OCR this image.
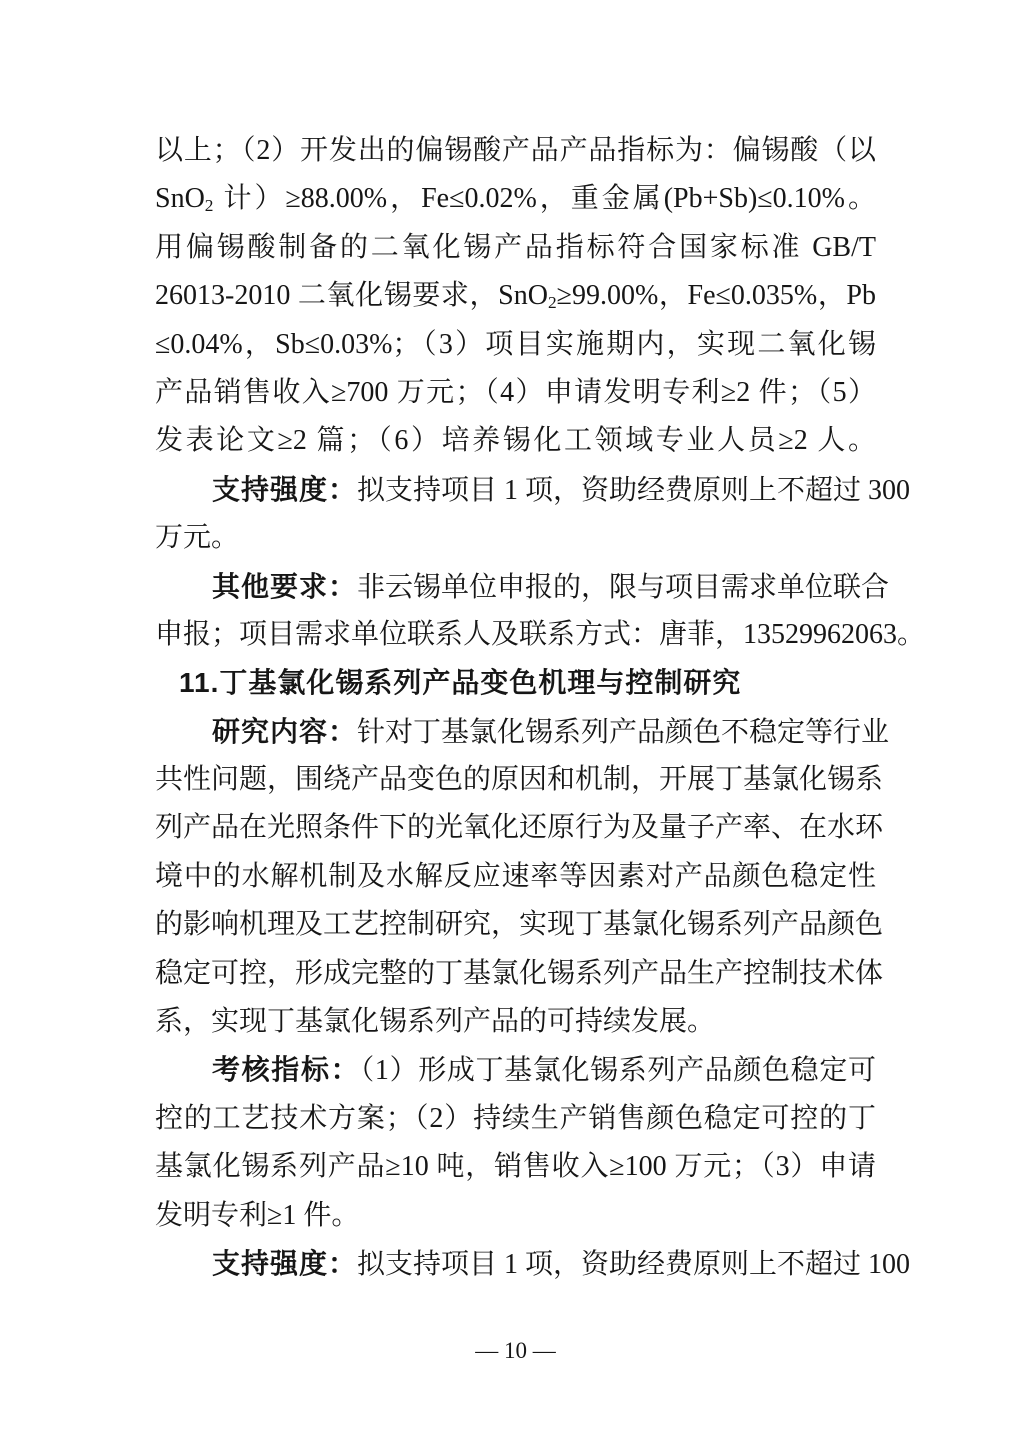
以上；（2）开发出的偏锡酸产品产品指标为：偏锡酸（以
SnO$_2$ 计）≥88.00%，Fe≤0.02%，重金属(Pb+Sb)≤0.10%。
用偏锡酸制备的二氧化锡产品指标符合国家标准 GB/T
26013-2010 二氧化锡要求，SnO$_2$≥99.00%，Fe≤0.035%，Pb
≤0.04%，Sb≤0.03%；（3）项目实施期内，实现二氧化锡
产品销售收入≥700 万元；（4）申请发明专利≥2 件；（5）
发表论文≥2 篇；（6）培养锡化工领域专业人员≥2 人。
支持强度：拟支持项目 1 项，资助经费原则上不超过 300
万元。
其他要求：非云锡单位申报的，限与项目需求单位联合
申报；项目需求单位联系人及联系方式：唐菲，13529962063。
11.丁基氯化锡系列产品变色机理与控制研究
研究内容：针对丁基氯化锡系列产品颜色不稳定等行业
共性问题，围绕产品变色的原因和机制，开展丁基氯化锡系
列产品在光照条件下的光氧化还原行为及量子产率、在水环
境中的水解机制及水解反应速率等因素对产品颜色稳定性
的影响机理及工艺控制研究，实现丁基氯化锡系列产品颜色
稳定可控，形成完整的丁基氯化锡系列产品生产控制技术体
系，实现丁基氯化锡系列产品的可持续发展。
考核指标：（1）形成丁基氯化锡系列产品颜色稳定可
控的工艺技术方案；（2）持续生产销售颜色稳定可控的丁
基氯化锡系列产品≥10 吨，销售收入≥100 万元；（3）申请
发明专利≥1 件。
支持强度：拟支持项目 1 项，资助经费原则上不超过 100
— 10 —
